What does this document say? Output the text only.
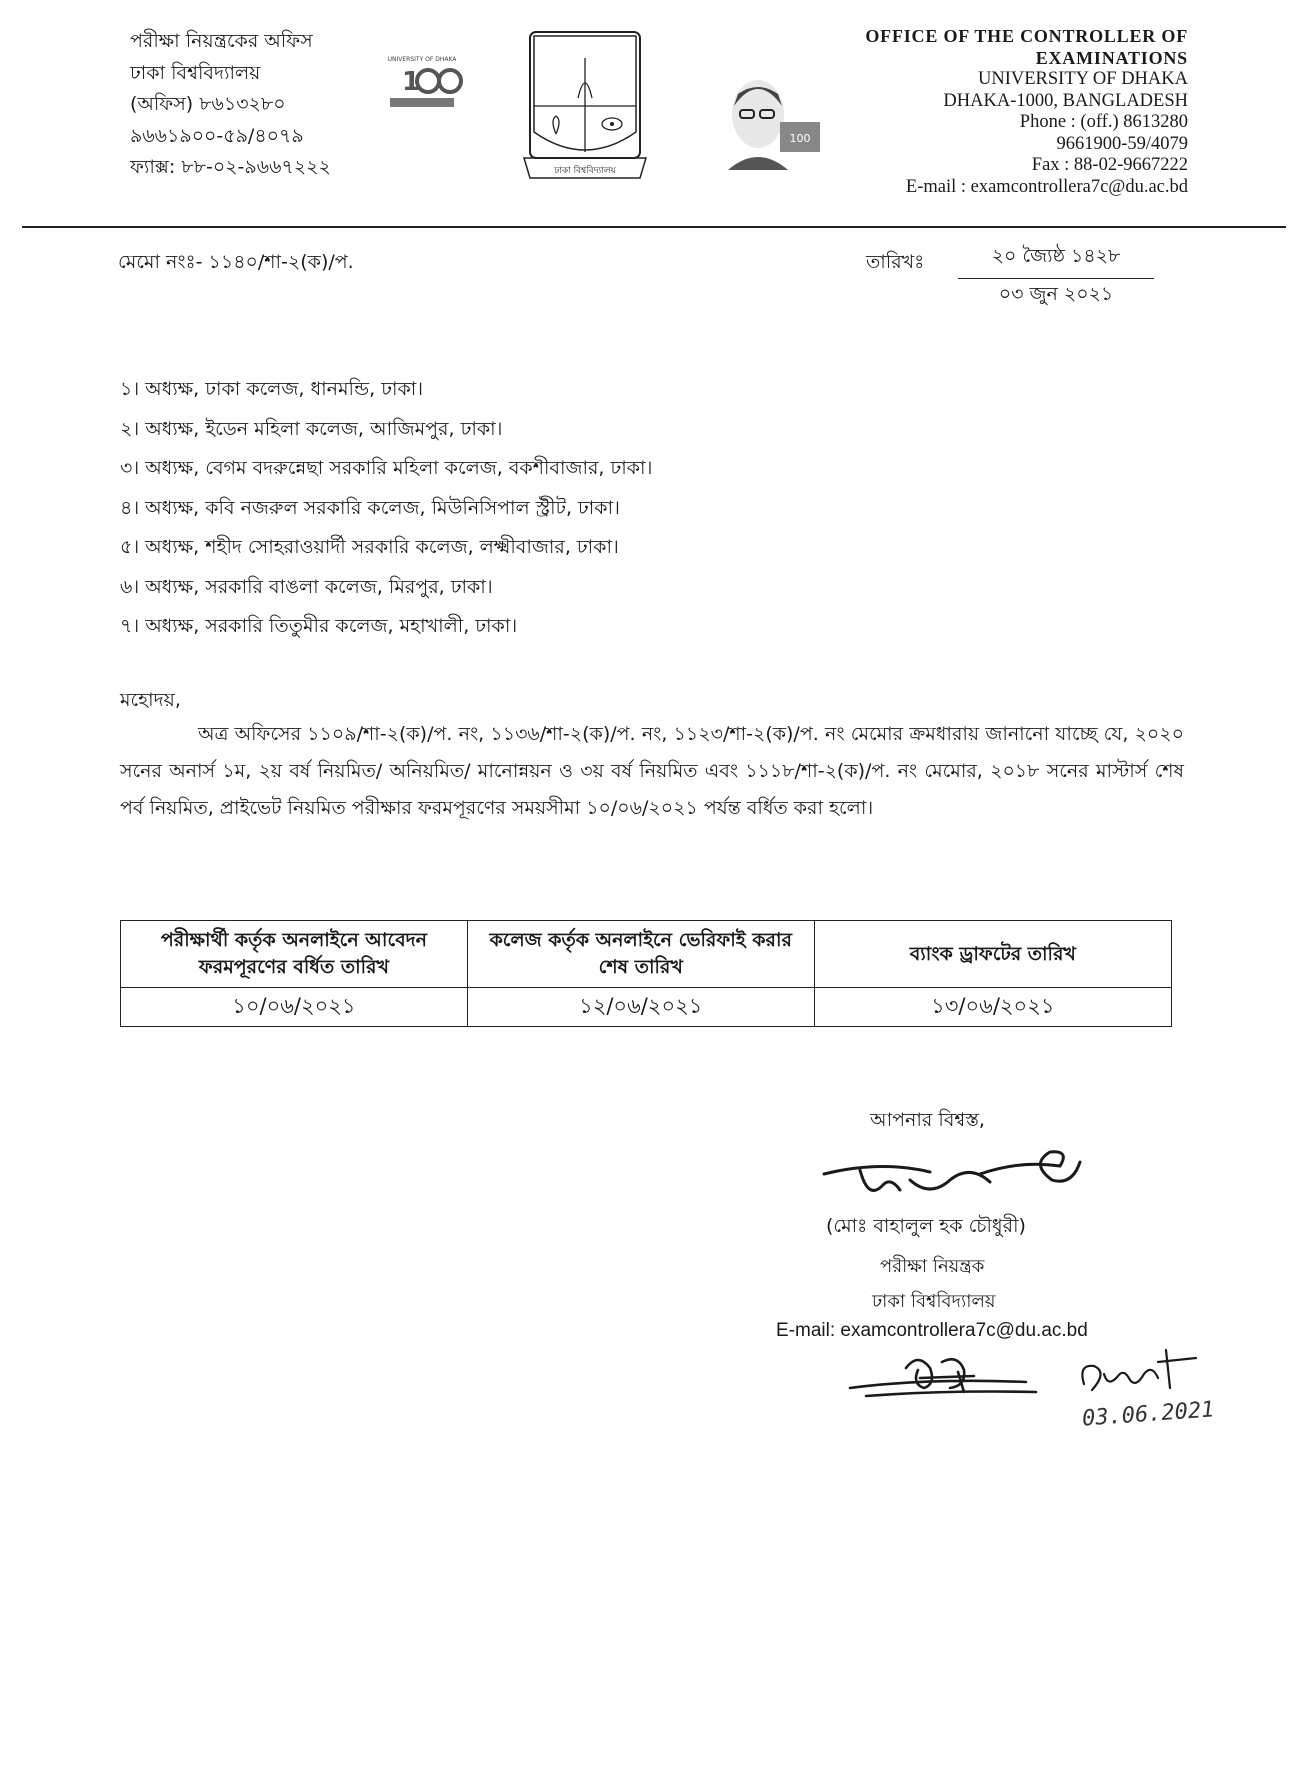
পরীক্ষা নিয়ন্ত্রকের অফিস
ঢাকা বিশ্ববিদ্যালয়
(অফিস) ৮৬১৩২৮০
৯৬৬১৯০০-৫৯/৪০৭৯
ফ্যাক্স: ৮৮-০২-৯৬৬৭২২২
UNIVERSITY OF DHAKA
1
ঢাকা বিশ্ববিদ্যালয়
100
OFFICE OF THE CONTROLLER OF
EXAMINATIONS
UNIVERSITY OF DHAKA
DHAKA-1000, BANGLADESH
Phone : (off.) 8613280
9661900-59/4079
Fax : 88-02-9667222
E-mail : examcontrollera7c@du.ac.bd
মেমো নংঃ- ১১৪০/শা-২(ক)/প.	তারিখঃ	২০ জ্যৈষ্ঠ ১৪২৮
০৩ জুন ২০২১
১। অধ্যক্ষ, ঢাকা কলেজ, ধানমন্ডি, ঢাকা।
২। অধ্যক্ষ, ইডেন মহিলা কলেজ, আজিমপুর, ঢাকা।
৩। অধ্যক্ষ, বেগম বদরুন্নেছা সরকারি মহিলা কলেজ, বকশীবাজার, ঢাকা।
৪। অধ্যক্ষ, কবি নজরুল সরকারি কলেজ, মিউনিসিপাল স্ট্রীট, ঢাকা।
৫। অধ্যক্ষ, শহীদ সোহরাওয়ার্দী সরকারি কলেজ, লক্ষ্মীবাজার, ঢাকা।
৬। অধ্যক্ষ, সরকারি বাঙলা কলেজ, মিরপুর, ঢাকা।
৭। অধ্যক্ষ, সরকারি তিতুমীর কলেজ, মহাখালী, ঢাকা।
মহোদয়,
অত্র অফিসের ১১০৯/শা-২(ক)/প. নং, ১১৩৬/শা-২(ক)/প. নং, ১১২৩/শা-২(ক)/প. নং মেমোর ক্রমধারায় জানানো যাচ্ছে যে, ২০২০ সনের অনার্স ১ম, ২য় বর্ষ নিয়মিত/ অনিয়মিত/ মানোন্নয়ন ও ৩য় বর্ষ নিয়মিত এবং ১১১৮/শা-২(ক)/প. নং মেমোর, ২০১৮ সনের মাস্টার্স শেষ পর্ব নিয়মিত, প্রাইভেট নিয়মিত পরীক্ষার ফরমপূরণের সময়সীমা ১০/০৬/২০২১ পর্যন্ত বর্ধিত করা হলো।
পরীক্ষার্থী কর্তৃক অনলাইনে আবেদন ফরমপূরণের বর্ধিত তারিখ	কলেজ কর্তৃক অনলাইনে ভেরিফাই করার শেষ তারিখ	ব্যাংক ড্রাফটের তারিখ
১০/০৬/২০২১	১২/০৬/২০২১	১৩/০৬/২০২১
আপনার বিশ্বস্ত,
(মোঃ বাহালুল হক চৌধুরী)
পরীক্ষা নিয়ন্ত্রক
ঢাকা বিশ্ববিদ্যালয়
E-mail: examcontrollera7c@du.ac.bd
03.06.2021
